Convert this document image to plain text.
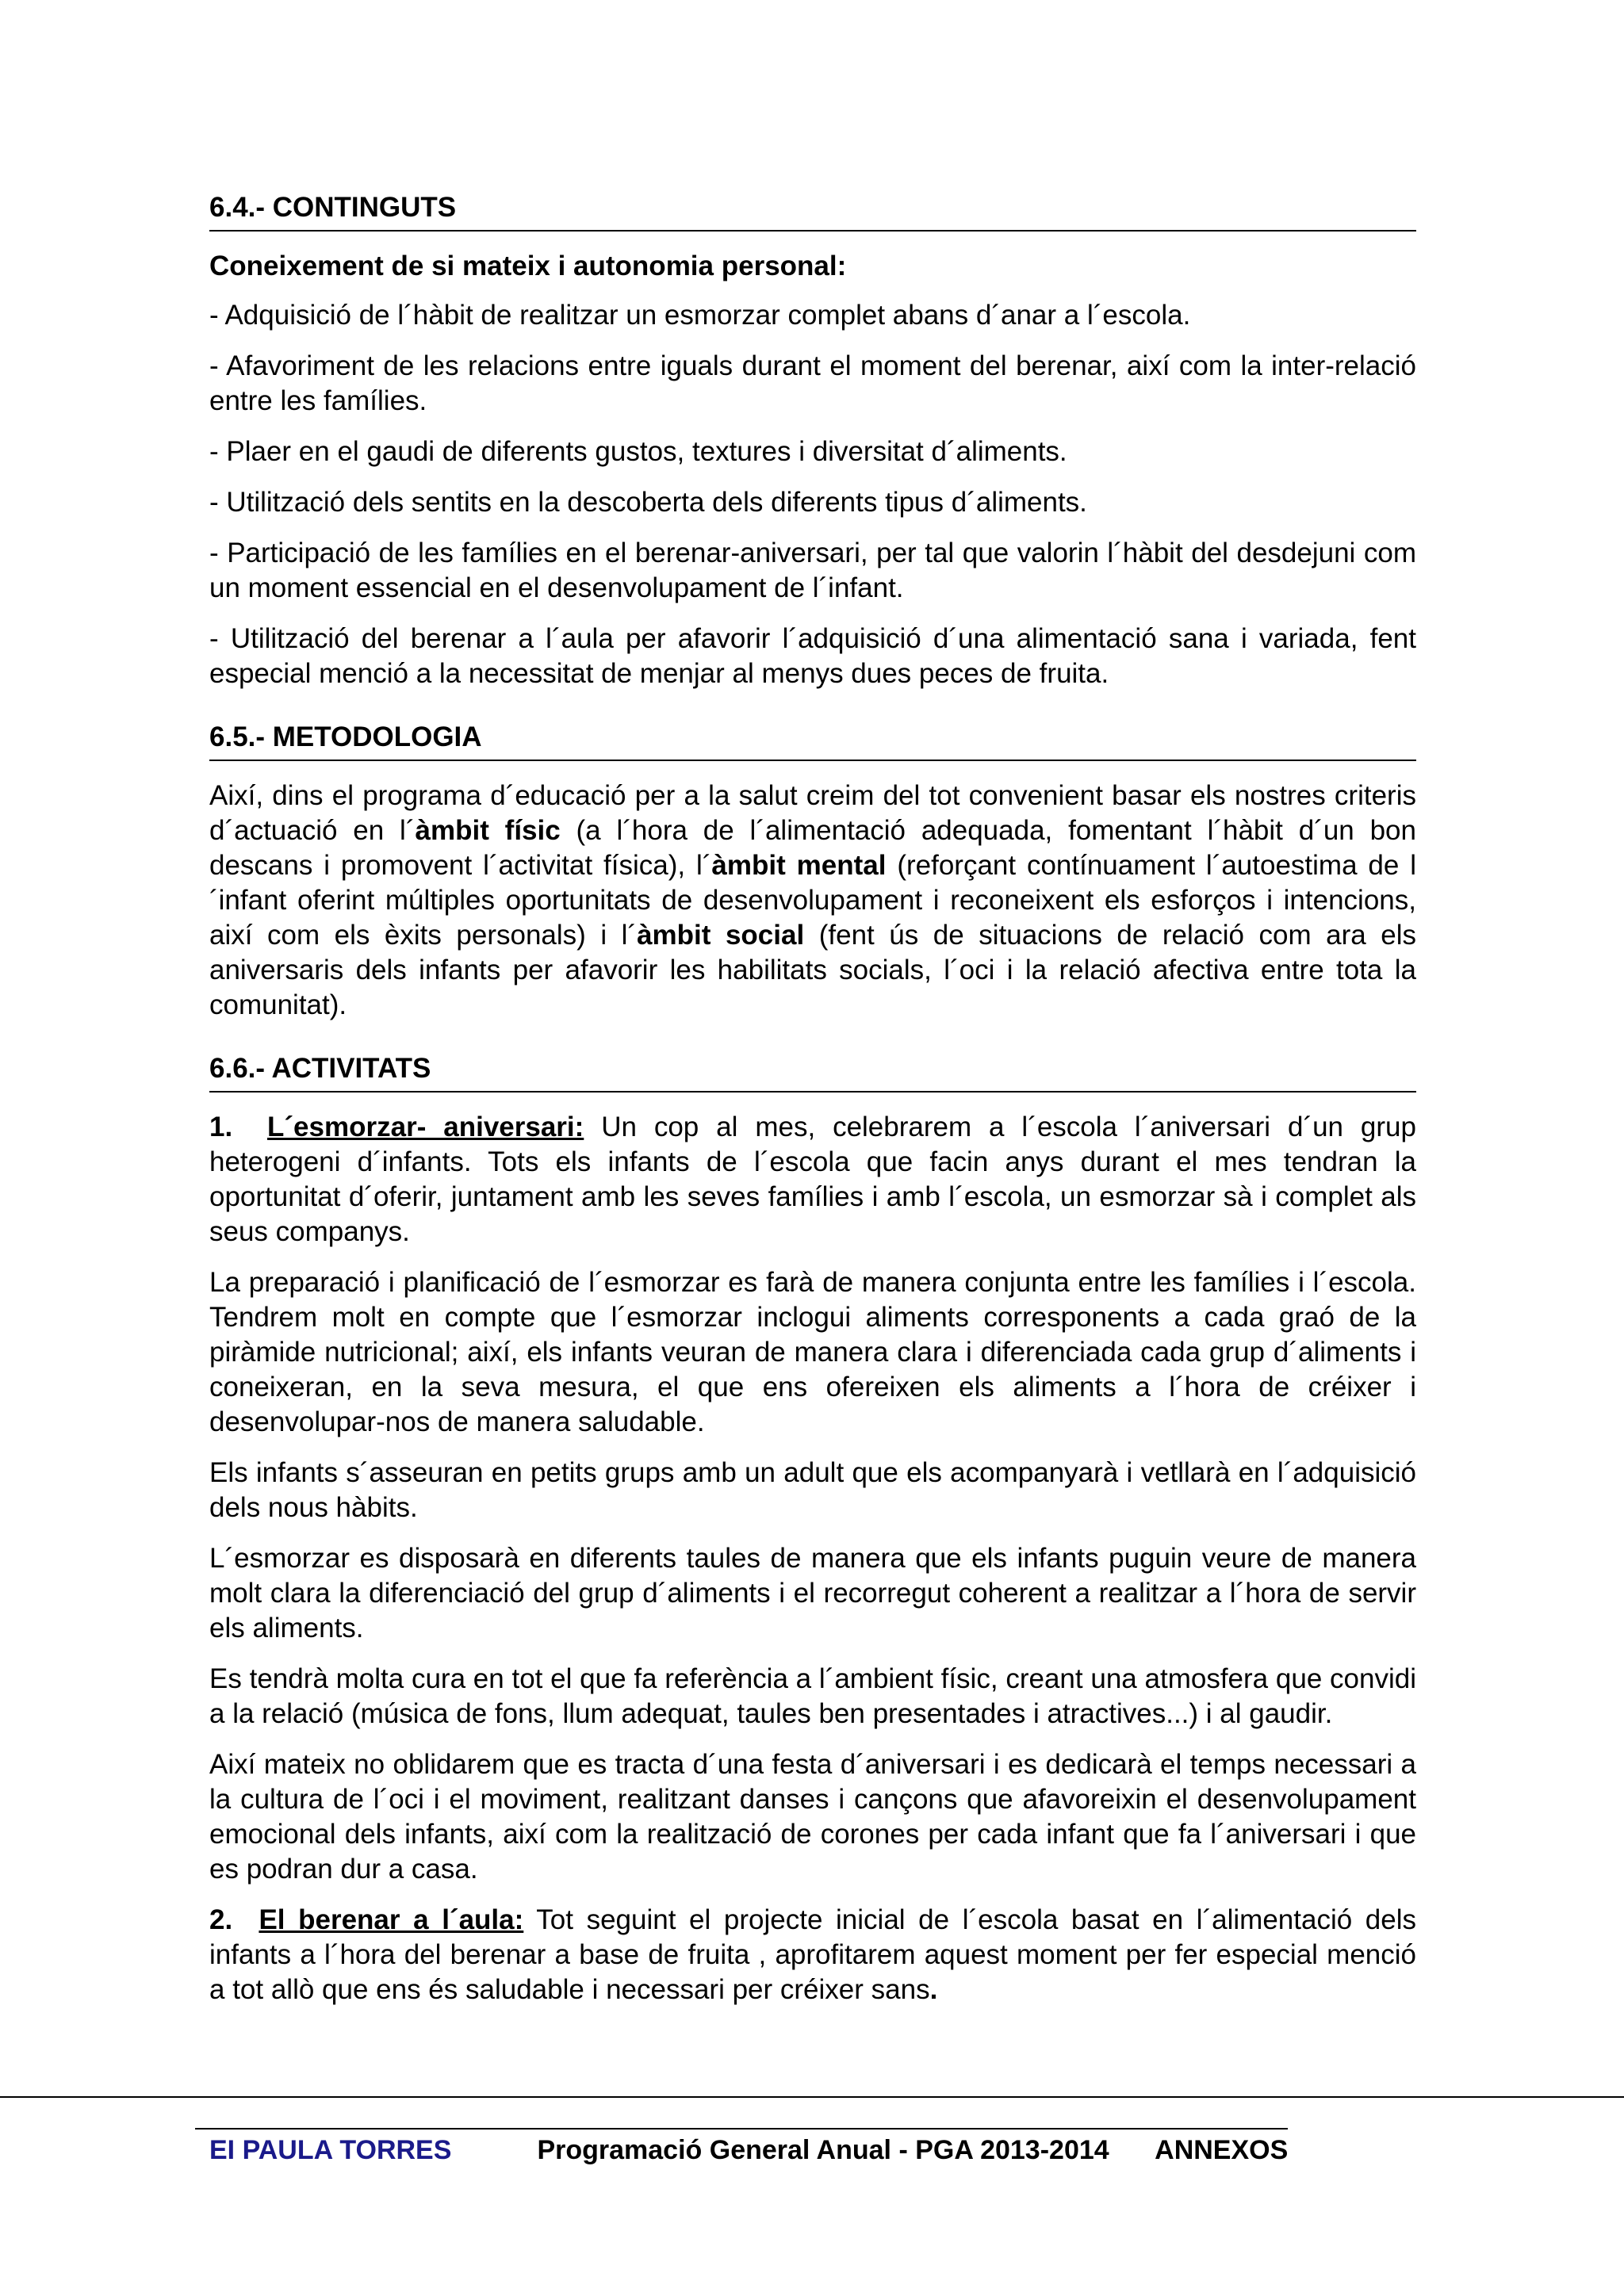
6.4.- CONTINGUTS
Coneixement de si mateix i autonomia personal:

- Adquisició de l´hàbit de realitzar un esmorzar complet abans d´anar a l´escola.

- Afavoriment de les relacions entre iguals durant el moment del berenar, així com la inter-relació entre les famílies.

- Plaer en el gaudi de diferents gustos, textures i diversitat d´aliments.

- Utilització dels sentits en la descoberta dels diferents tipus d´aliments.

- Participació de les famílies en el berenar-aniversari, per tal que valorin l´hàbit del desdejuni com un moment essencial en el desenvolupament de l´infant.

- Utilització del berenar a l´aula per afavorir l´adquisició d´una alimentació sana i variada, fent especial menció a la necessitat de menjar al menys dues peces de fruita.

6.5.- METODOLOGIA

Així, dins el programa d´educació per a la salut creim del tot convenient basar els nostres criteris d´actuació en l´àmbit físic (a l´hora de l´alimentació adequada, fomentant l´hàbit d´un bon descans i promovent l´activitat física), l´àmbit mental (reforçant contínuament l´autoestima de l´infant oferint múltiples oportunitats de desenvolupament i reconeixent els esforços i intencions, així com els èxits personals) i l´àmbit social (fent ús de situacions de relació com ara els aniversaris dels infants per afavorir les habilitats socials, l´oci i la relació afectiva entre tota la comunitat).

6.6.- ACTIVITATS

1. L´esmorzar- aniversari: Un cop al mes, celebrarem a l´escola l´aniversari d´un grup heterogeni d´infants. Tots els infants de l´escola que facin anys durant el mes tendran la oportunitat d´oferir, juntament amb les seves famílies i amb l´escola, un esmorzar sà i complet als seus companys.

La preparació i planificació de l´esmorzar es farà de manera conjunta entre les famílies i l´escola. Tendrem molt en compte que l´esmorzar inclogui aliments corresponents a cada graó de la piràmide nutricional; així, els infants veuran de manera clara i diferenciada cada grup d´aliments i coneixeran, en la seva mesura, el que ens ofereixen els aliments a l´hora de créixer i desenvolupar-nos de manera saludable.

Els infants s´asseuran en petits grups amb un adult que els acompanyarà i vetllarà en l´adquisició dels nous hàbits.

L´esmorzar es disposarà en diferents taules de manera que els infants puguin veure de manera molt clara la diferenciació del grup d´aliments i el recorregut coherent a realitzar a l´hora de servir els aliments.

Es tendrà molta cura en tot el que fa referència a l´ambient físic, creant una atmosfera que convidi a la relació (música de fons, llum adequat, taules ben presentades i atractives...) i al gaudir.

Així mateix no oblidarem que es tracta d´una festa d´aniversari i es dedicarà el temps necessari a la cultura de l´oci i el moviment, realitzant danses i cançons que afavoreixin el desenvolupament emocional dels infants, així com la realització de corones per cada infant que fa l´aniversari i que es podran dur a casa.

2. El berenar a l´aula: Tot seguint el projecte inicial de l´escola basat en l´alimentació dels infants a l´hora del berenar a base de fruita , aprofitarem aquest moment per fer especial menció a tot allò que ens és saludable i necessari per créixer sans.

EI PAULA TORRES	Programació General Anual - PGA 2013-2014 ANNEXOS
